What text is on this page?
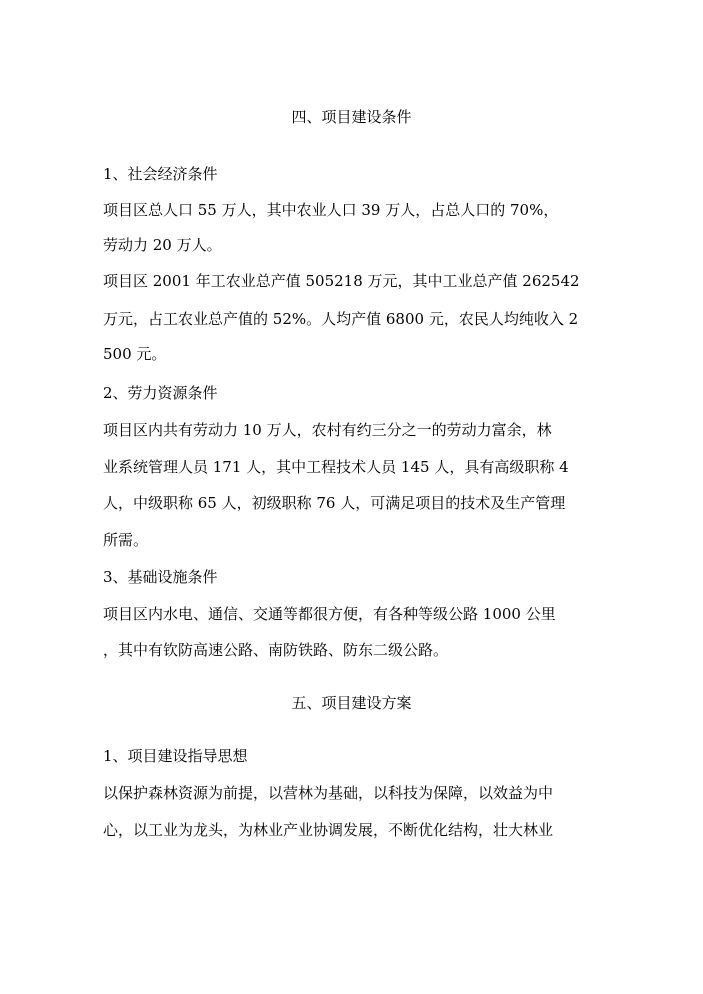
四、项目建设条件
1、社会经济条件
项目区总人口 55 万人，其中农业人口 39 万人，占总人口的 70%，
劳动力 20 万人。
项目区 2001 年工农业总产值 505218 万元，其中工业总产值 262542
万元，占工农业总产值的 52%。人均产值 6800 元，农民人均纯收入 2
500 元。
2、劳力资源条件
项目区内共有劳动力 10 万人，农村有约三分之一的劳动力富余，林
业系统管理人员 171 人，其中工程技术人员 145 人，具有高级职称 4
人，中级职称 65 人，初级职称 76 人，可满足项目的技术及生产管理
所需。
3、基础设施条件
项目区内水电、通信、交通等都很方便，有各种等级公路 1000 公里
，其中有钦防高速公路、南防铁路、防东二级公路。
五、项目建设方案
1、项目建设指导思想
以保护森林资源为前提，以营林为基础，以科技为保障，以效益为中
心，以工业为龙头，为林业产业协调发展，不断优化结构，壮大林业
